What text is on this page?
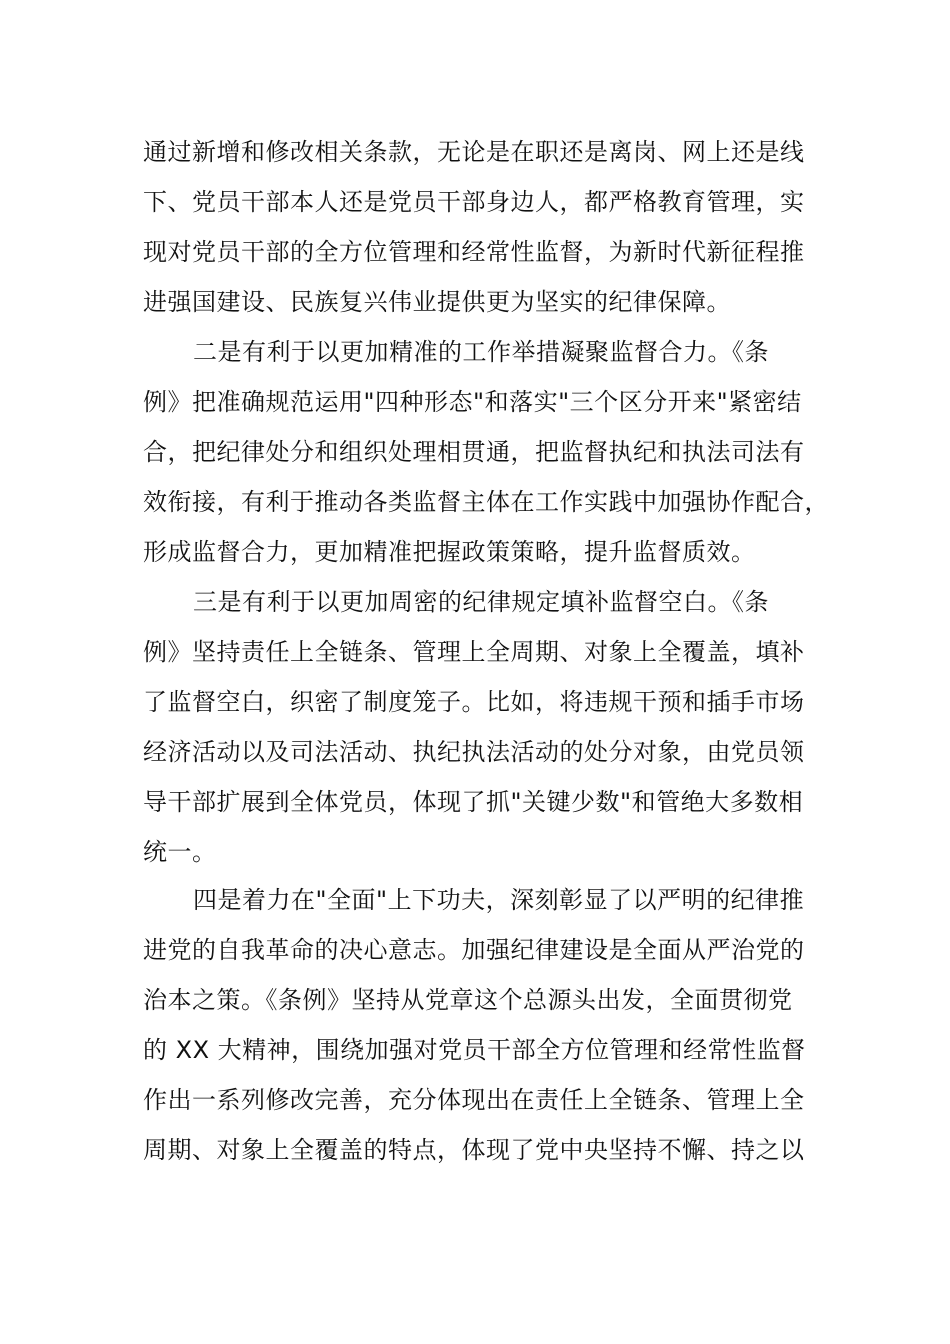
通过新增和修改相关条款，无论是在职还是离岗、网上还是线
下、党员干部本人还是党员干部身边人，都严格教育管理，实
现对党员干部的全方位管理和经常性监督，为新时代新征程推
进强国建设、民族复兴伟业提供更为坚实的纪律保障。
二是有利于以更加精准的工作举措凝聚监督合力。《条
例》把准确规范运用"四种形态"和落实"三个区分开来"紧密结
合，把纪律处分和组织处理相贯通，把监督执纪和执法司法有
效衔接，有利于推动各类监督主体在工作实践中加强协作配合，
形成监督合力，更加精准把握政策策略，提升监督质效。
三是有利于以更加周密的纪律规定填补监督空白。《条
例》坚持责任上全链条、管理上全周期、对象上全覆盖，填补
了监督空白，织密了制度笼子。比如，将违规干预和插手市场
经济活动以及司法活动、执纪执法活动的处分对象，由党员领
导干部扩展到全体党员，体现了抓"关键少数"和管绝大多数相
统一。
四是着力在"全面"上下功夫，深刻彰显了以严明的纪律推
进党的自我革命的决心意志。加强纪律建设是全面从严治党的
治本之策。《条例》坚持从党章这个总源头出发，全面贯彻党
的 XX 大精神，围绕加强对党员干部全方位管理和经常性监督
作出一系列修改完善，充分体现出在责任上全链条、管理上全
周期、对象上全覆盖的特点，体现了党中央坚持不懈、持之以
